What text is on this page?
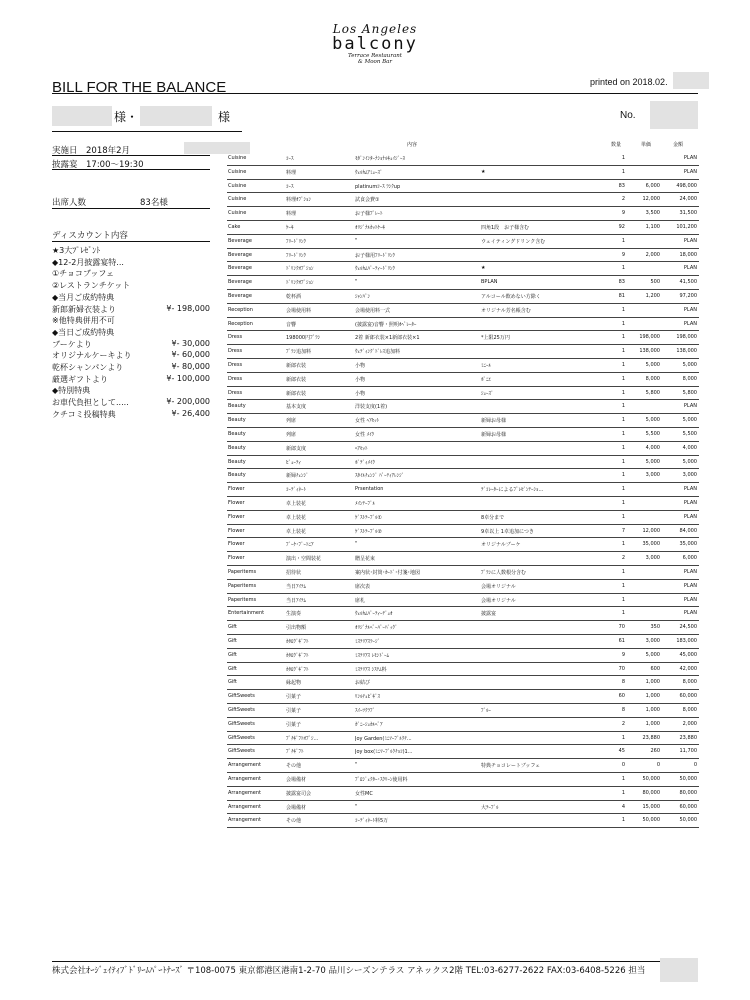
Los Angeles
balcony
Terrace Restaurant
& Moon Bar
BILL FOR THE BALANCE	printed on 2018.02.
様・	様	No.
実施日　2018年2月
披露宴　17:00～19:30
出席人数	83名様
ディスカウント内容
★3大ﾌﾟﾚｾﾞﾝﾄ
◆12-2月披露宴特...
①チョコブッフェ
②レストランチケット
◆当月ご成約特典
新郎新婦衣装より	¥- 198,000
※他特典併用不可
◆当日ご成約特典
ブーケより	¥- 30,000
オリジナルケーキより	¥- 60,000
乾杯シャンパンより	¥- 80,000
厳選ギフトより	¥- 100,000
◆特別特典
お車代負担として.....	¥- 200,000
クチコミ投稿特典	¥- 26,400
内容	数量	単価	金額
Cuisine	ｺｰｽ	ﾓﾀﾞﾝｲﾝﾀｰﾅｼｮﾅﾙｷｭｲｼﾞｰﾇ	1	PLAN
Cuisine	料理	ｳｪﾙｶﾑｱﾐｭｰｽﾞ	★	1	PLAN
Cuisine	ｺｰｽ	platinumｺｰｽ ﾗﾝｸup	83	6,000	498,000
Cuisine	料理ｵﾌﾟｼｮﾝ	試食会費①	2	12,000	24,000
Cuisine	料理	お子様ﾌﾟﾚｰﾄ	9	3,500	31,500
Cake	ｹｰｷ	ｵﾘｼﾞﾅﾙｶｯﾄｹｰｷ	四角1段　お子様含む	92	1,100	101,200
Beverage	ﾌﾘｰﾄﾞﾘﾝｸ	"	ウェイティングドリンク含む	1	PLAN
Beverage	ﾌﾘｰﾄﾞﾘﾝｸ	お子様用ﾌﾘｰﾄﾞﾘﾝｸ	9	2,000	18,000
Beverage	ﾄﾞﾘﾝｸｵﾌﾟｼｮﾝ	ｳｪﾙｶﾑﾊﾟｰﾃｨｰﾄﾞﾘﾝｸ	★	1	PLAN
Beverage	ﾄﾞﾘﾝｸｵﾌﾟｼｮﾝ	"	BPLAN	83	500	41,500
Beverage	乾杯酒	ｼｬﾝﾊﾟﾝ	アルコール飲めない方除く	81	1,200	97,200
Reception	会場使用料	会場使用料一式	オリジナル芳名帳含む	1	PLAN
Reception	音響	(披露宴)音響・照明ｵﾍﾟﾚｰﾀｰ	1	PLAN
Dress	198000円ﾌﾟﾗﾝ	2着 新郎衣装×1新郎衣装×1	*上限25万円	1	198,000	198,000
Dress	ﾌﾟﾗﾝ追加料	ｳｪﾃﾞｨﾝｸﾞﾄﾞﾚｽ追加料	1	138,000	138,000
Dress	新郎衣装	小物	ﾐﾆｰﾙ	1	5,000	5,000
Dress	新郎衣装	小物	ﾎﾟﾆｴ	1	8,000	8,000
Dress	新郎衣装	小物	ｼｭｰｽﾞ	1	5,800	5,800
Beauty	基本支度	洋装支度(1着)	1	PLAN
Beauty	列席	女性 ﾍｱｾｯﾄ	新婦お母様	1	5,000	5,000
Beauty	列席	女性 ﾒｲｸ	新婦お母様	1	5,500	5,500
Beauty	新郎支度	ﾍｱｾｯﾄ	1	4,000	4,000
Beauty	ﾋﾞｭｰﾃｨ	ﾎﾞﾃﾞｨﾒｲｸ	1	5,000	5,000
Beauty	新婦ﾁｪﾝｼﾞ	ｽﾀｲﾙﾁｪﾝｼﾞ ﾊﾟｰﾃｨｱﾚﾝｼﾞ	1	3,000	3,000
Flower	ｺｰﾃﾞｨﾈｰﾄ	Prsentation	ﾃﾞｺﾚｰﾀｰによるﾌﾟﾚｾﾞﾝﾃｰｼｮ...	1	PLAN
Flower	卓上装花	ﾒｲﾝﾃｰﾌﾞﾙ	1	PLAN
Flower	卓上装花	ｹﾞｽﾄﾃｰﾌﾞﾙ①	8卓分まで	1	PLAN
Flower	卓上装花	ｹﾞｽﾄﾃｰﾌﾞﾙ②	9卓以上 1卓追加につき	7	12,000	84,000
Flower	ﾌﾞｰｹ･ﾌﾞｰﾄﾆｱ	"	オリジナルブーケ	1	35,000	35,000
Flower	演出・空間装花	贈呈花束	2	3,000	6,000
Paperitems	招待状	案内状･封筒･ｶｰﾄﾞ･付箋･地図	ﾌﾟﾗﾝに人数根分含む	1	PLAN
Paperitems	当日ｱｲﾃﾑ	席次表	会場オリジナル	1	PLAN
Paperitems	当日ｱｲﾃﾑ	席札	会場オリジナル	1	PLAN
Entertainment	生演奏	ｳｪﾙｶﾑﾊﾟｰﾃｨｰﾃﾞｭｵ	披露宴	1	PLAN
Gift	引出物額	ｵﾘｼﾞﾅﾙﾍﾟｰﾊﾟｰﾊﾞｯｸﾞ	70	350	24,500
Gift	ｶﾀﾛｸﾞｷﾞﾌﾄ	ﾐｽﾃﾘｱｽﾗｰｼﾞ	61	3,000	183,000
Gift	ｶﾀﾛｸﾞｷﾞﾌﾄ	ﾐｽﾃﾘｱｽ ﾚﾓﾝﾄﾞｰﾑ	9	5,000	45,000
Gift	ｶﾀﾛｸﾞｷﾞﾌﾄ	ﾐｽﾃﾘｱｽ ｼｽﾃﾑ料	70	600	42,000
Gift	縁起物	お結び	8	1,000	8,000
GiftSweets	引菓子	ﾘﾝﾙﾁｪﾋﾞｷﾞｽ	60	1,000	60,000
GiftSweets	引菓子	ｽｲｰﾂｸﾗﾌﾞ	ﾌﾞﾙｰ	8	1,000	8,000
GiftSweets	引菓子	ｶﾞﾆｰｼｭｶﾙﾍﾟｱ	2	1,000	2,000
GiftSweets	ﾌﾟﾁｷﾞﾌﾄｵﾌﾟｼ...	Joy Garden(ﾐﾆﾏｰﾌﾞﾙｸﾁ...	1	23,880	23,880
GiftSweets	ﾌﾟﾁｷﾞﾌﾄ	Joy box(ﾐﾆﾏｰﾌﾞﾙｸﾁｮｺ)1...	45	260	11,700
Arrangement	その他	"	特典チョコレートブッフェ	0	0	0
Arrangement	会場備材	ﾌﾟﾛｼﾞｪｸﾀｰ･ｽｸﾘｰﾝ使用料	1	50,000	50,000
Arrangement	披露宴司会	女性MC	1	80,000	80,000
Arrangement	会場備材	"	大ﾃｰﾌﾞﾙ	4	15,000	60,000
Arrangement	その他	ｺｰﾃﾞｨﾈｰﾄ料5万	1	50,000	50,000
株式会社ｵｰｼﾞｪｲﾃｨﾌﾞﾄﾞﾘｰﾑﾊﾟｰﾄﾅｰｽﾞ 〒108-0075 東京都港区港南1-2-70 品川シーズンテラス アネックス2階 TEL:03-6277-2622 FAX:03-6408-5226 担当
